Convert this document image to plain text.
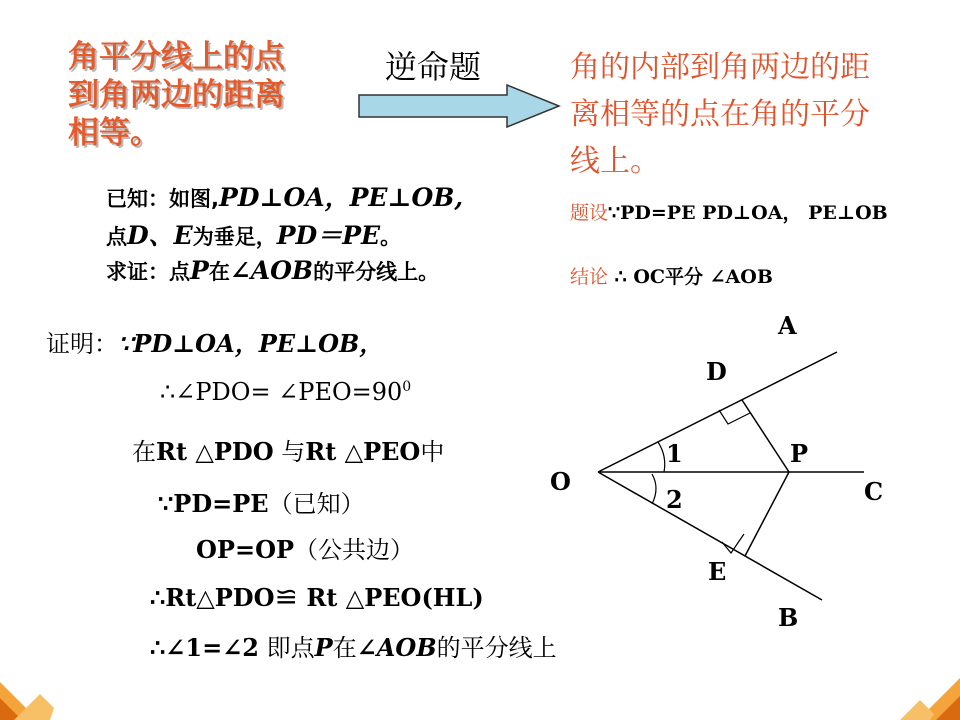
角平分线上的点
到角两边的距离
相等。
逆命题	角的内部到角两边的距
离相等的点在角的平分
线上。
已知：如图,PD⊥OA，PE⊥OB,
点D、E为垂足，PD＝PE。
求证：点P在∠AOB的平分线上。
题设∵PD=PE PD⊥OA， PE⊥OB
结论 ∴ OC平分 ∠AOB
证明：∵PD⊥OA，PE⊥OB，
∴∠PDO= $\angle PEO=90^0$
在Rt △PDO 与Rt △PEO中
∵PD=PE（已知）
OP=OP（公共边）
∴Rt△PDO≌ Rt △PEO(HL)
∴∠1=∠2 即点P在∠AOB的平分线上
A
D
1	P
O	C
2
E
B
